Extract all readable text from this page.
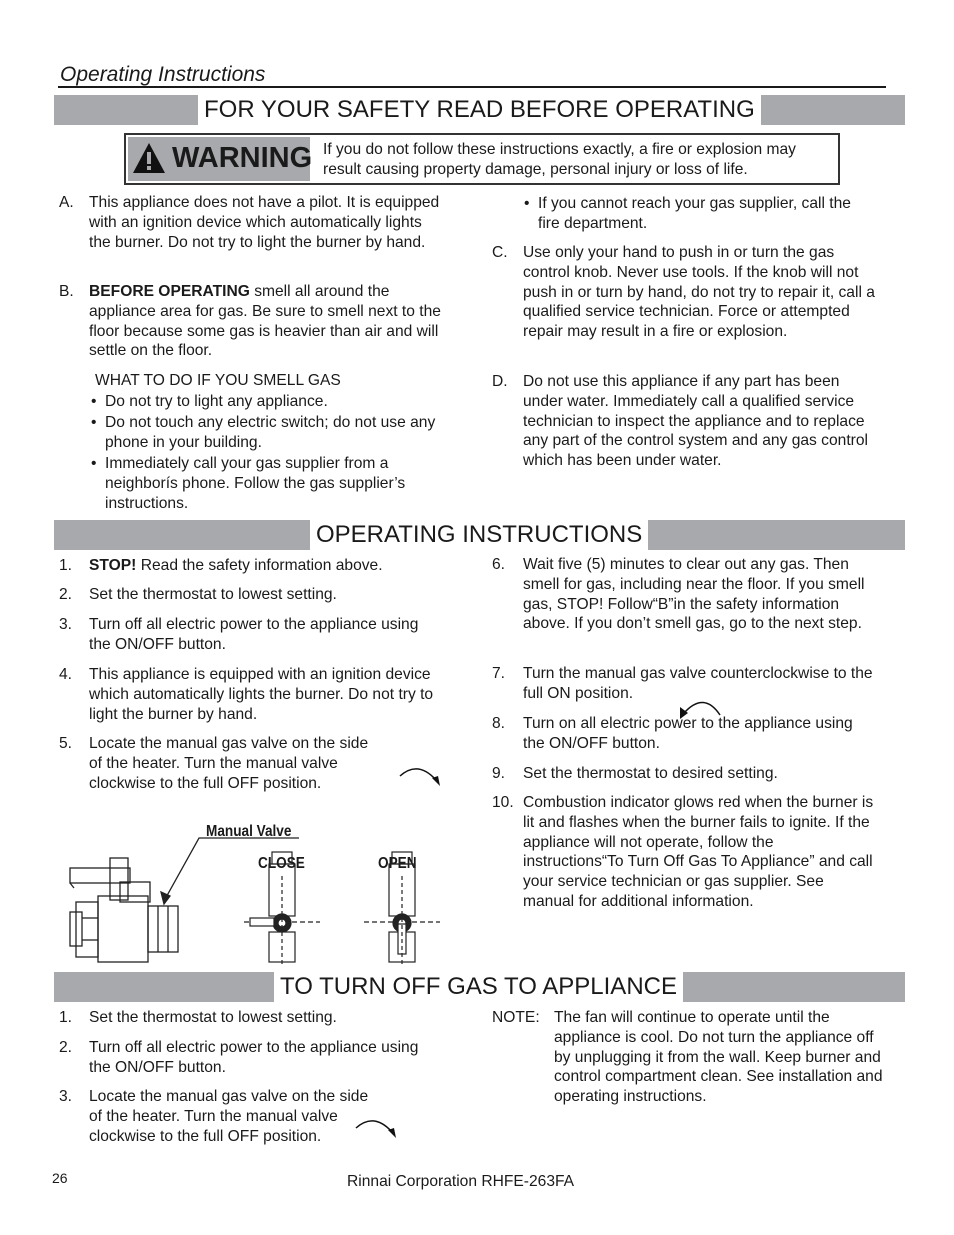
Operating Instructions
FOR YOUR SAFETY READ BEFORE OPERATING
WARNING If you do not follow these instructions exactly, a fire or explosion may result causing property damage, personal injury or loss of life.
A. This appliance does not have a pilot. It is equipped with an ignition device which automatically lights the burner. Do not try to light the burner by hand.
B. BEFORE OPERATING smell all around the appliance area for gas. Be sure to smell next to the floor because some gas is heavier than air and will settle on the floor.
WHAT TO DO IF YOU SMELL GAS
• Do not try to light any appliance.
• Do not touch any electric switch; do not use any phone in your building.
• Immediately call your gas supplier from a neighborís phone. Follow the gas supplier’s instructions.
• If you cannot reach your gas supplier, call the fire department.
C. Use only your hand to push in or turn the gas control knob. Never use tools. If the knob will not push in or turn by hand, do not try to repair it, call a qualified service technician. Force or attempted repair may result in a fire or explosion.
D. Do not use this appliance if any part has been under water. Immediately call a qualified service technician to inspect the appliance and to replace any part of the control system and any gas control which has been under water.
OPERATING INSTRUCTIONS
1. STOP! Read the safety information above.
2. Set the thermostat to lowest setting.
3. Turn off all electric power to the appliance using the ON/OFF button.
4. This appliance is equipped with an ignition device which automatically lights the burner. Do not try to light the burner by hand.
5. Locate the manual gas valve on the side of the heater. Turn the manual valve clockwise to the full OFF position.
Manual Valve
CLOSE	OPEN
6. Wait five (5) minutes to clear out any gas. Then smell for gas, including near the floor. If you smell gas, STOP! Follow“B”in the safety information above. If you don’t smell gas, go to the next step.
7. Turn the manual gas valve counterclockwise to the full ON position.
8. Turn on all electric power to the appliance using the ON/OFF button.
9. Set the thermostat to desired setting.
10. Combustion indicator glows red when the burner is lit and flashes when the burner fails to ignite. If the appliance will not operate, follow the instructions“To Turn Off Gas To Appliance” and call your service technician or gas supplier. See manual for additional information.
TO TURN OFF GAS TO APPLIANCE
1. Set the thermostat to lowest setting.
2. Turn off all electric power to the appliance using the ON/OFF button.
3. Locate the manual gas valve on the side of the heater. Turn the manual valve clockwise to the full OFF position.
NOTE: The fan will continue to operate until the appliance is cool. Do not turn the appliance off by unplugging it from the wall. Keep burner and control compartment clean. See installation and operating instructions.
26	Rinnai Corporation RHFE-263FA
